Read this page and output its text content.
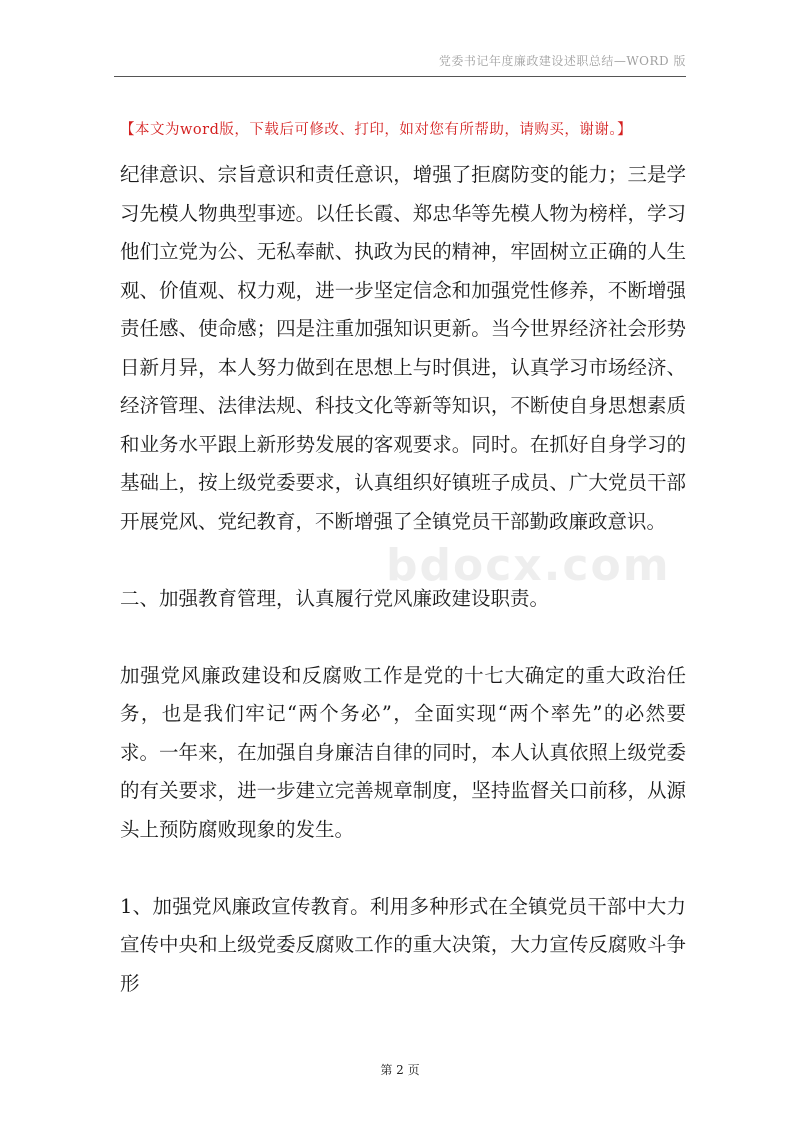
党委书记年度廉政建设述职总结—WORD 版
【本文为word版，下载后可修改、打印，如对您有所帮助，请购买，谢谢。】

纪律意识、宗旨意识和责任意识，增强了拒腐防变的能力；三是学习先模人物典型事迹。以任长霞、郑忠华等先模人物为榜样，学习他们立党为公、无私奉献、执政为民的精神，牢固树立正确的人生观、价值观、权力观，进一步坚定信念和加强党性修养，不断增强责任感、使命感；四是注重加强知识更新。当今世界经济社会形势日新月异，本人努力做到在思想上与时俱进，认真学习市场经济、经济管理、法律法规、科技文化等新等知识，不断使自身思想素质和业务水平跟上新形势发展的客观要求。同时。在抓好自身学习的基础上，按上级党委要求，认真组织好镇班子成员、广大党员干部开展党风、党纪教育，不断增强了全镇党员干部勤政廉政意识。

二、加强教育管理，认真履行党风廉政建设职责。

加强党风廉政建设和反腐败工作是党的十七大确定的重大政治任务，也是我们牢记“两个务必”，全面实现“两个率先”的必然要求。一年来，在加强自身廉洁自律的同时，本人认真依照上级党委的有关要求，进一步建立完善规章制度，坚持监督关口前移，从源头上预防腐败现象的发生。

1、加强党风廉政宣传教育。利用多种形式在全镇党员干部中大力宣传中央和上级党委反腐败工作的重大决策，大力宣传反腐败斗争形

bdocx.com
第 2 页
